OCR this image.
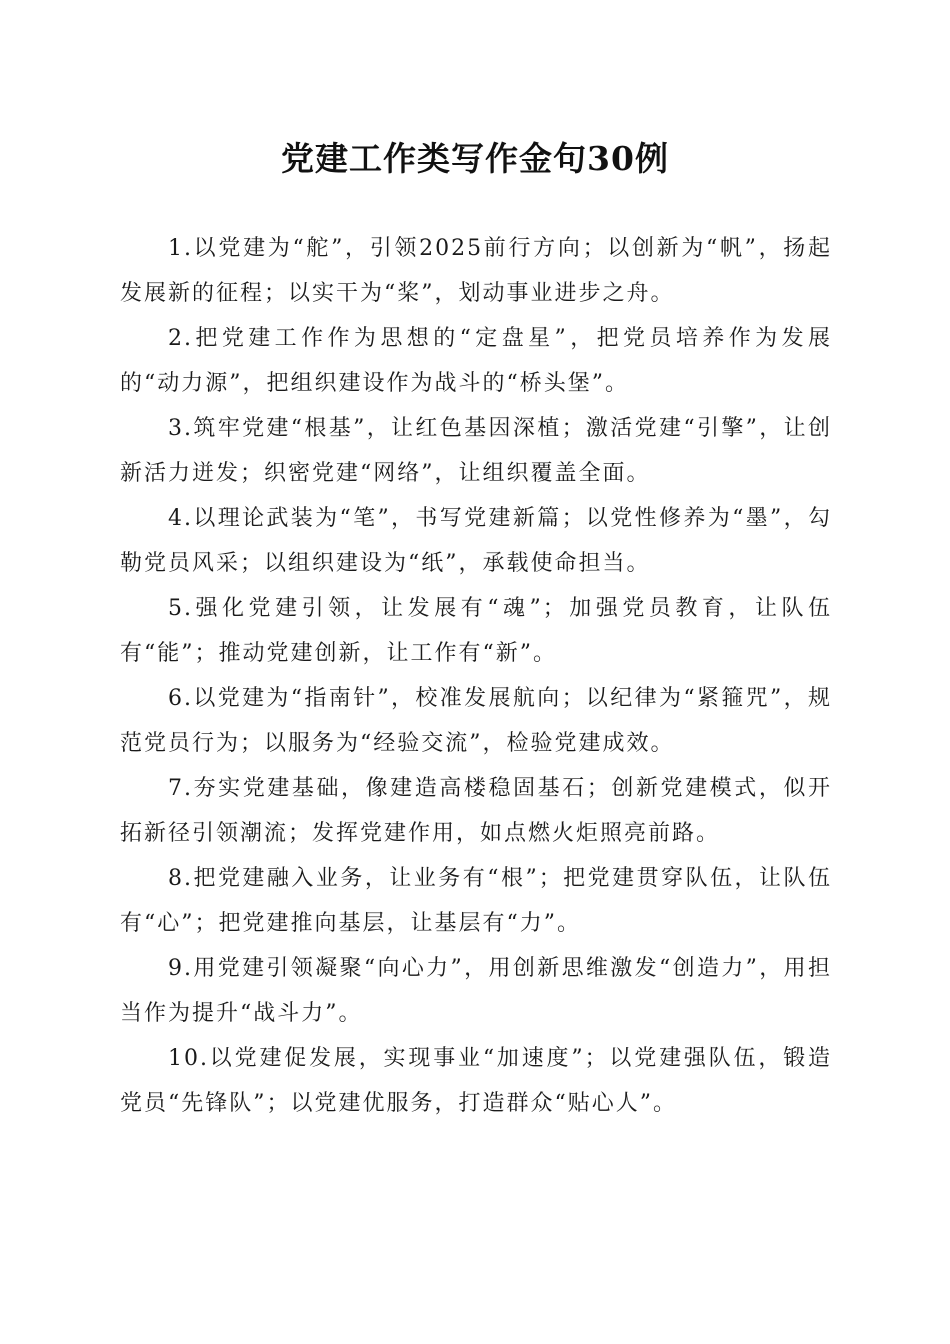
党建工作类写作金句30例

1.以党建为“舵”，引领2025前行方向；以创新为“帆”，扬起发展新的征程；以实干为“桨”，划动事业进步之舟。

2.把党建工作作为思想的“定盘星”，把党员培养作为发展的“动力源”，把组织建设作为战斗的“桥头堡”。

3.筑牢党建“根基”，让红色基因深植；激活党建“引擎”，让创新活力迸发；织密党建“网络”，让组织覆盖全面。

4.以理论武装为“笔”，书写党建新篇；以党性修养为“墨”，勾勒党员风采；以组织建设为“纸”，承载使命担当。

5.强化党建引领，让发展有“魂”；加强党员教育，让队伍有“能”；推动党建创新，让工作有“新”。

6.以党建为“指南针”，校准发展航向；以纪律为“紧箍咒”，规范党员行为；以服务为“经验交流”，检验党建成效。

7.夯实党建基础，像建造高楼稳固基石；创新党建模式，似开拓新径引领潮流；发挥党建作用，如点燃火炬照亮前路。

8.把党建融入业务，让业务有“根”；把党建贯穿队伍，让队伍有“心”；把党建推向基层，让基层有“力”。

9.用党建引领凝聚“向心力”，用创新思维激发“创造力”，用担当作为提升“战斗力”。

10.以党建促发展，实现事业“加速度”；以党建强队伍，锻造党员“先锋队”；以党建优服务，打造群众“贴心人”。
